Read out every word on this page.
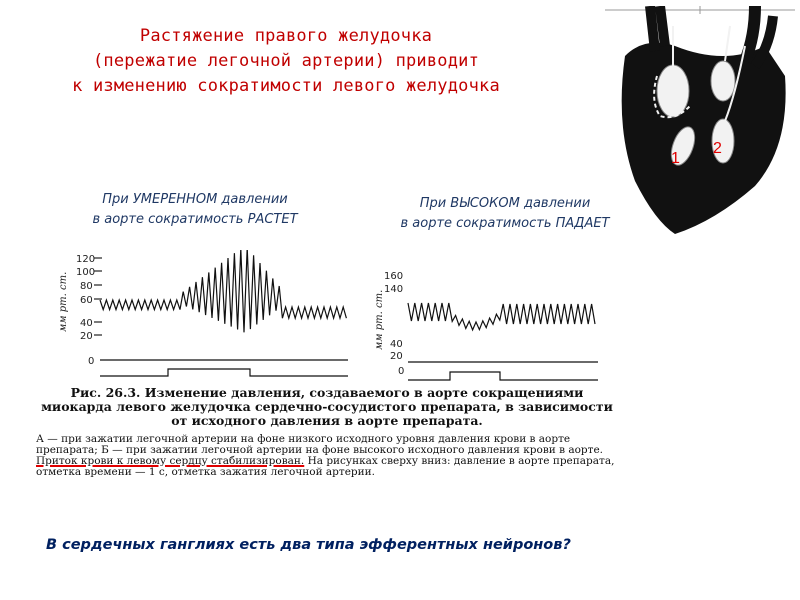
Растяжение правого желудочка
(пережатие легочной артерии) приводит
к изменению сократимости левого желудочка
1
2
При УМЕРЕННОМ давлении
в аорте сократимость РАСТЕТ
При ВЫСОКОМ давлении
в аорте сократимость ПАДАЕТ
мм рт. ст.
120
100
80
60
40
20
0
мм рт. ст.
160
140
40
20
0
Рис. 26.3. Изменение давления, создаваемого в аорте сокращениями миокарда левого желудочка сердечно-сосудистого препарата, в зависимости от исходного давления в аорте препарата.
А — при зажатии легочной артерии на фоне низкого исходного уровня давления крови в аорте препарата; Б — при зажатии легочной артерии на фоне высокого исходного давления крови в аорте. Приток крови к левому сердцу стабилизирован. На рисунках сверху вниз: давление в аорте препарата, отметка времени — 1 с, отметка зажатия легочной артерии.
В сердечных ганглиях есть два типа эфферентных нейронов?
